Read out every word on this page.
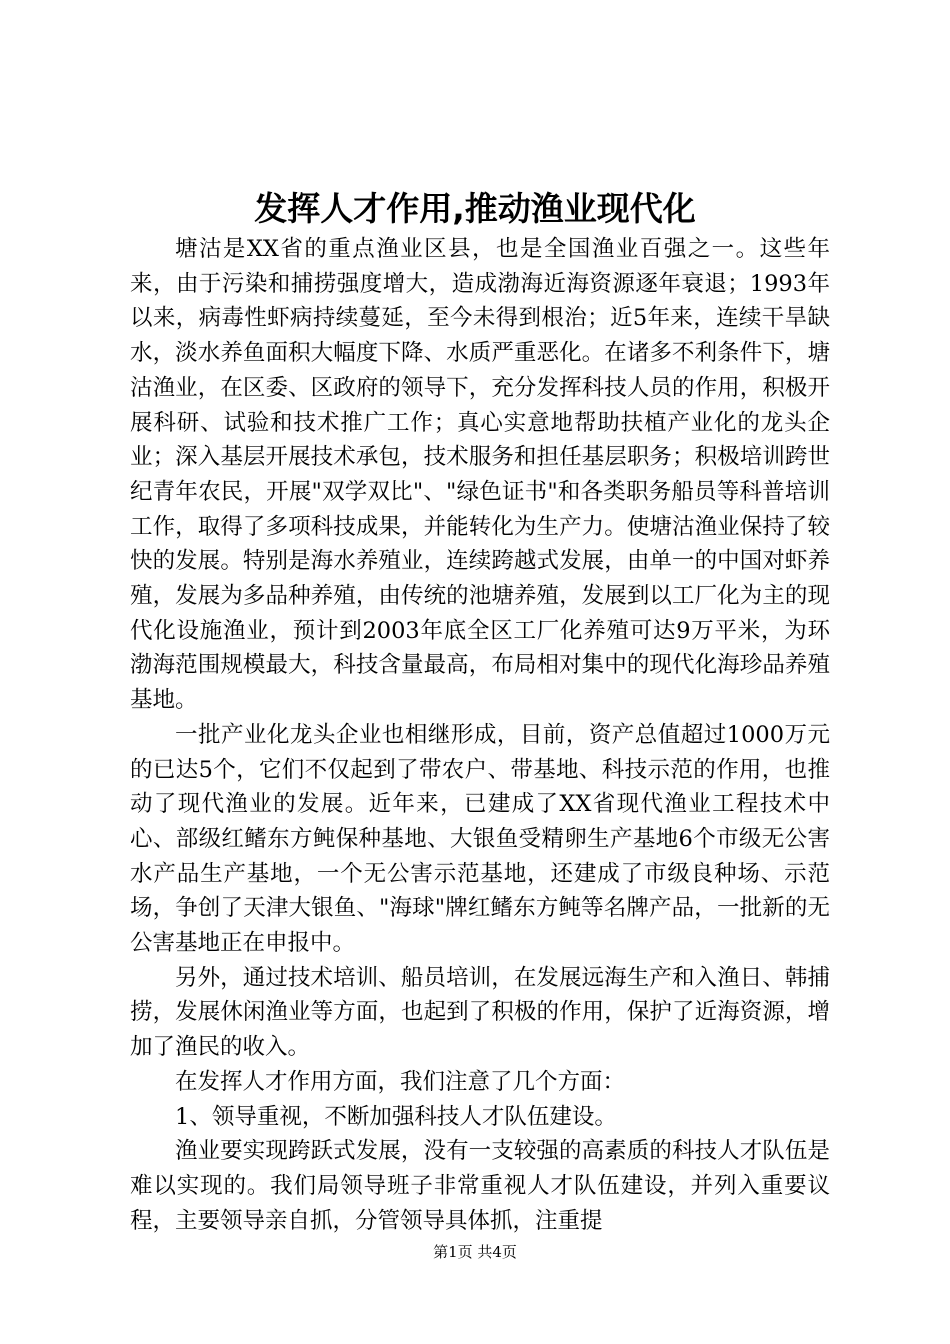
发挥人才作用,推动渔业现代化

塘沽是XX省的重点渔业区县，也是全国渔业百强之一。这些年来，由于污染和捕捞强度增大，造成渤海近海资源逐年衰退；1993年以来，病毒性虾病持续蔓延，至今未得到根治；近5年来，连续干旱缺水，淡水养鱼面积大幅度下降、水质严重恶化。在诸多不利条件下，塘沽渔业，在区委、区政府的领导下，充分发挥科技人员的作用，积极开展科研、试验和技术推广工作；真心实意地帮助扶植产业化的龙头企业；深入基层开展技术承包，技术服务和担任基层职务；积极培训跨世纪青年农民，开展"双学双比"、"绿色证书"和各类职务船员等科普培训工作，取得了多项科技成果，并能转化为生产力。使塘沽渔业保持了较快的发展。特别是海水养殖业，连续跨越式发展，由单一的中国对虾养殖，发展为多品种养殖，由传统的池塘养殖，发展到以工厂化为主的现代化设施渔业，预计到2003年底全区工厂化养殖可达9万平米，为环渤海范围规模最大，科技含量最高，布局相对集中的现代化海珍品养殖基地。

一批产业化龙头企业也相继形成，目前，资产总值超过1000万元的已达5个，它们不仅起到了带农户、带基地、科技示范的作用，也推动了现代渔业的发展。近年来，已建成了XX省现代渔业工程技术中心、部级红鳍东方鲀保种基地、大银鱼受精卵生产基地6个市级无公害水产品生产基地，一个无公害示范基地，还建成了市级良种场、示范场，争创了天津大银鱼、"海球"牌红鳍东方鲀等名牌产品，一批新的无公害基地正在申报中。

另外，通过技术培训、船员培训，在发展远海生产和入渔日、韩捕捞，发展休闲渔业等方面，也起到了积极的作用，保护了近海资源，增加了渔民的收入。

在发挥人才作用方面，我们注意了几个方面：

1、领导重视，不断加强科技人才队伍建设。

渔业要实现跨跃式发展，没有一支较强的高素质的科技人才队伍是难以实现的。我们局领导班子非常重视人才队伍建设，并列入重要议程，主要领导亲自抓，分管领导具体抓，注重提

第1页 共4页
